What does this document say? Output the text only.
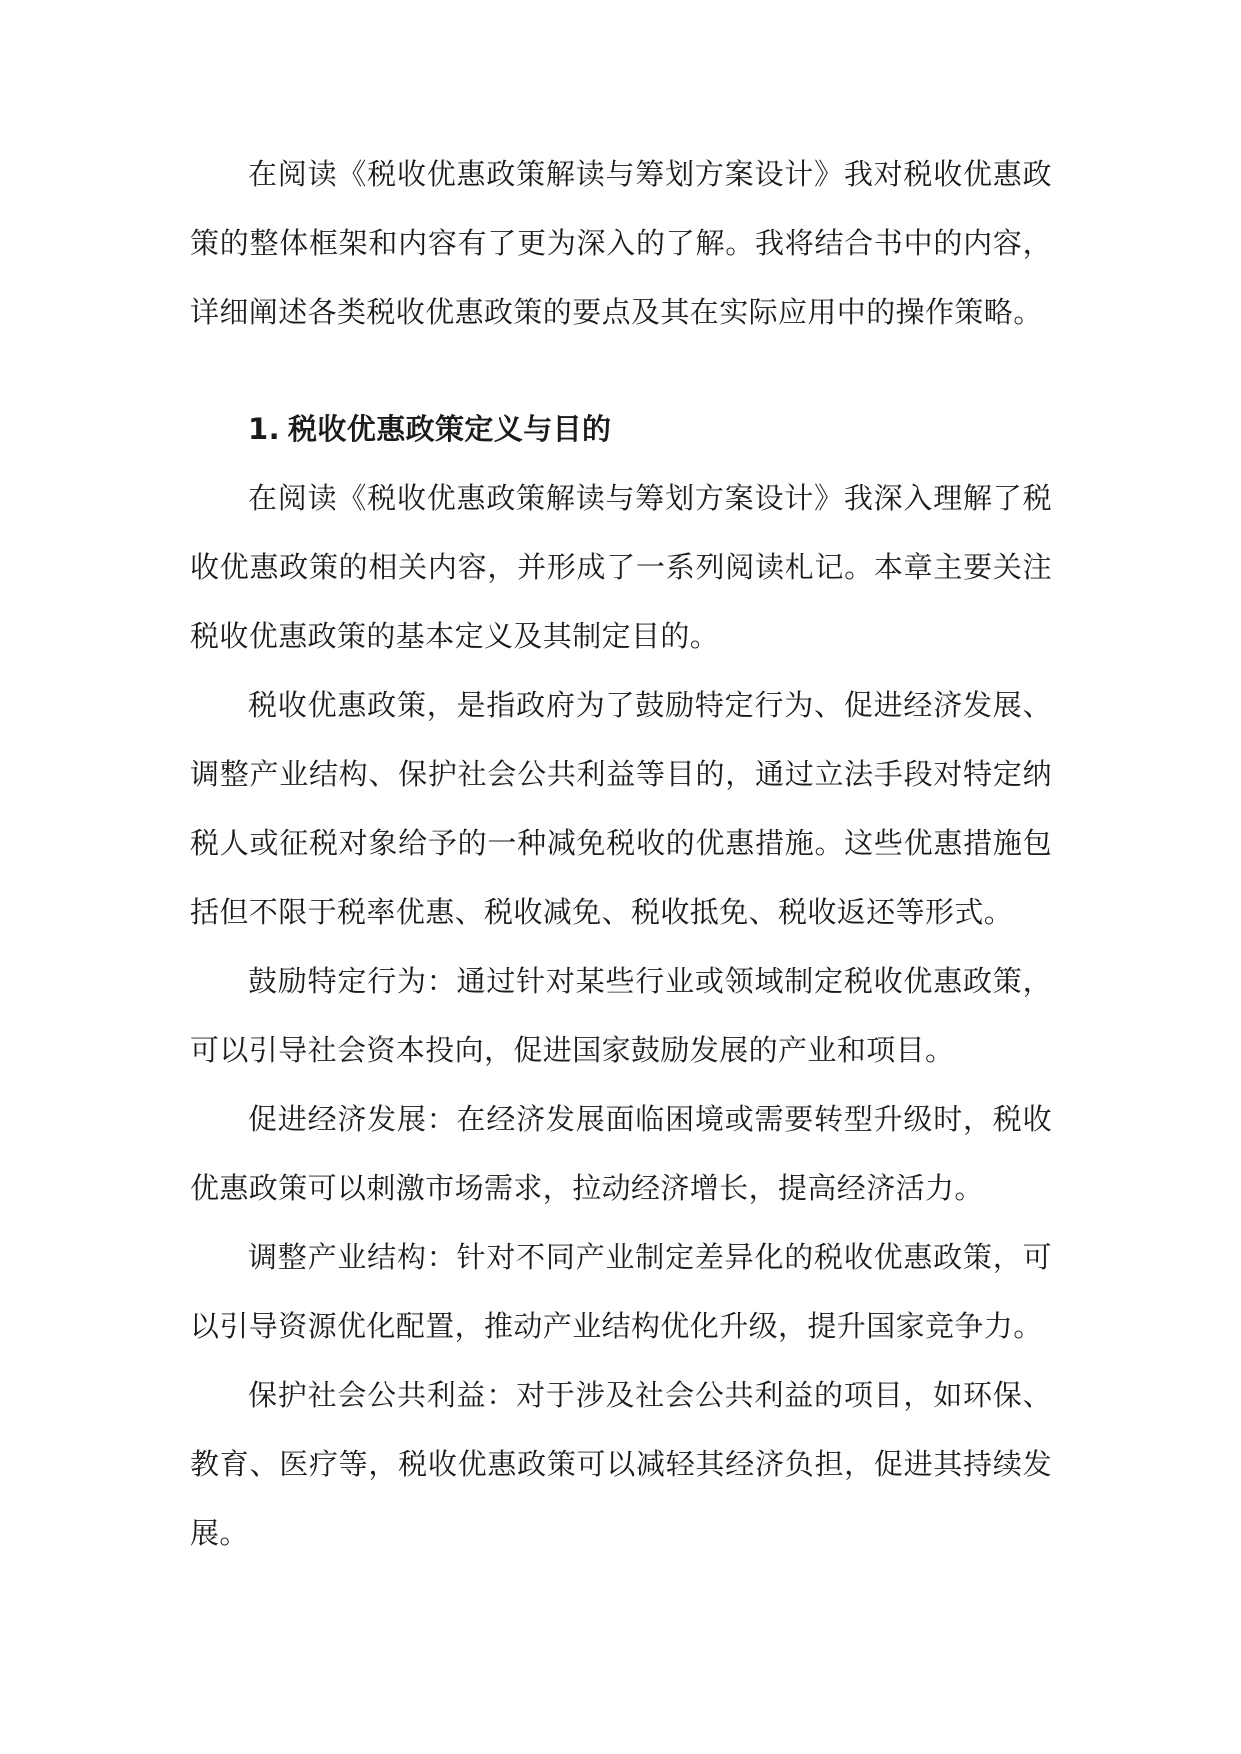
在阅读《税收优惠政策解读与筹划方案设计》我对税收优惠政策的整体框架和内容有了更为深入的了解。我将结合书中的内容，详细阐述各类税收优惠政策的要点及其在实际应用中的操作策略。

1. 税收优惠政策定义与目的

在阅读《税收优惠政策解读与筹划方案设计》我深入理解了税收优惠政策的相关内容，并形成了一系列阅读札记。本章主要关注税收优惠政策的基本定义及其制定目的。

税收优惠政策，是指政府为了鼓励特定行为、促进经济发展、调整产业结构、保护社会公共利益等目的，通过立法手段对特定纳税人或征税对象给予的一种减免税收的优惠措施。这些优惠措施包括但不限于税率优惠、税收减免、税收抵免、税收返还等形式。

鼓励特定行为：通过针对某些行业或领域制定税收优惠政策，可以引导社会资本投向，促进国家鼓励发展的产业和项目。

促进经济发展：在经济发展面临困境或需要转型升级时，税收优惠政策可以刺激市场需求，拉动经济增长，提高经济活力。

调整产业结构：针对不同产业制定差异化的税收优惠政策，可以引导资源优化配置，推动产业结构优化升级，提升国家竞争力。

保护社会公共利益：对于涉及社会公共利益的项目，如环保、教育、医疗等，税收优惠政策可以减轻其经济负担，促进其持续发展。
